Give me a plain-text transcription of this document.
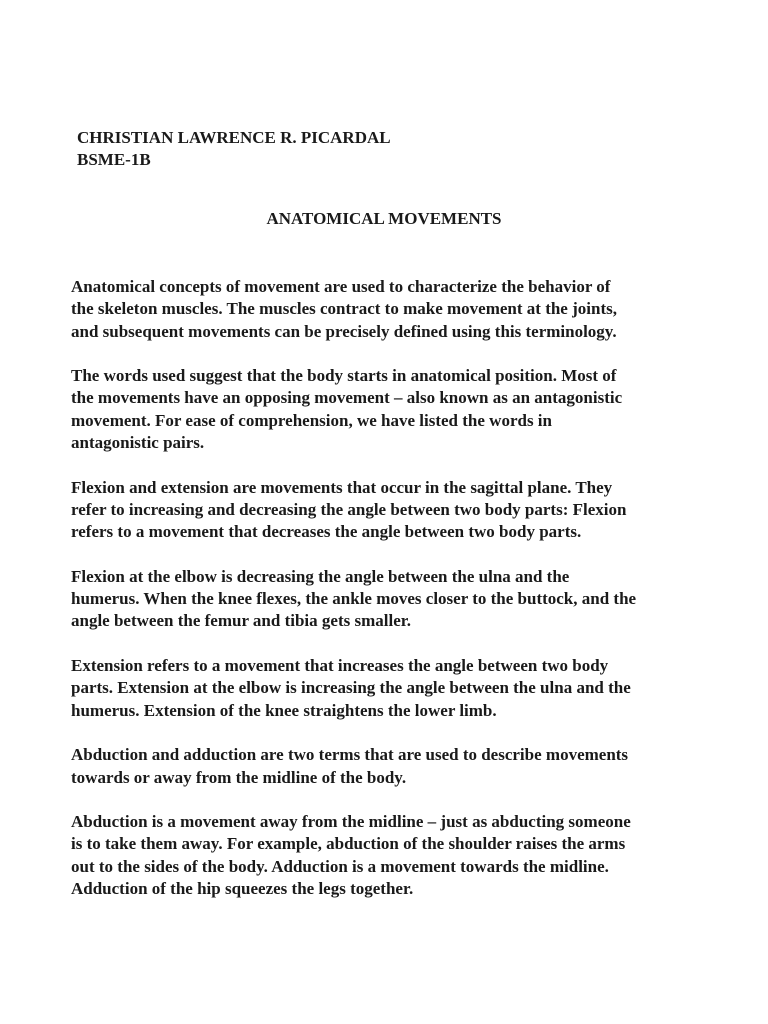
CHRISTIAN LAWRENCE R. PICARDAL
BSME-1B
ANATOMICAL MOVEMENTS

Anatomical concepts of movement are used to characterize the behavior of
the skeleton muscles. The muscles contract to make movement at the joints,
and subsequent movements can be precisely defined using this terminology.

The words used suggest that the body starts in anatomical position. Most of
the movements have an opposing movement – also known as an antagonistic
movement. For ease of comprehension, we have listed the words in
antagonistic pairs.

Flexion and extension are movements that occur in the sagittal plane. They
refer to increasing and decreasing the angle between two body parts: Flexion
refers to a movement that decreases the angle between two body parts.

Flexion at the elbow is decreasing the angle between the ulna and the
humerus. When the knee flexes, the ankle moves closer to the buttock, and the
angle between the femur and tibia gets smaller.

Extension refers to a movement that increases the angle between two body
parts. Extension at the elbow is increasing the angle between the ulna and the
humerus. Extension of the knee straightens the lower limb.

Abduction and adduction are two terms that are used to describe movements
towards or away from the midline of the body.

Abduction is a movement away from the midline – just as abducting someone
is to take them away. For example, abduction of the shoulder raises the arms
out to the sides of the body. Adduction is a movement towards the midline.
Adduction of the hip squeezes the legs together.
